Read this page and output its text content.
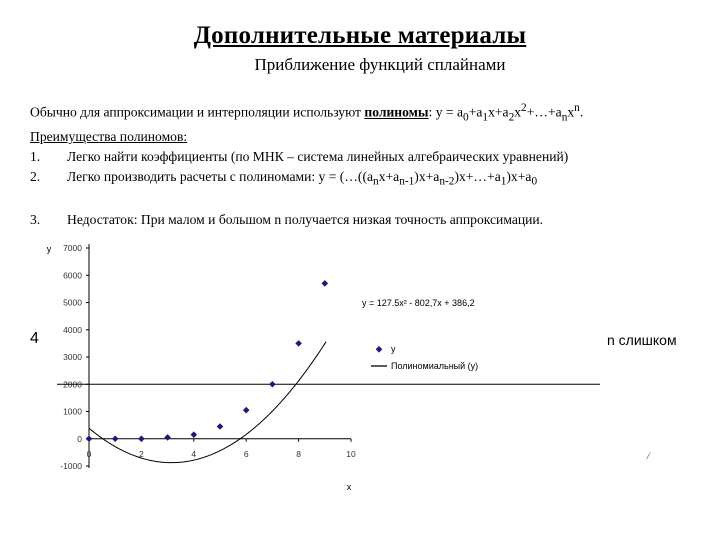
Дополнительные материалы
Приближение функций сплайнами
Обычно для аппроксимации и интерполяции используют полиномы: $y = a_0+a_1x+a_2x^2+\dots+a_nx^n$.
Преимущества полиномов:
1. Легко найти коэффициенты (по МНК – система линейных алгебраических уравнений)
2. Легко производить расчеты с полиномами: $y = (\dots((a_nx+a_{n-1})x+a_{n-2})x+\dots+a_1)x+a_0$
3. Недостаток: При малом и большом n получается низкая точность аппроксимации.
4	n слишком
⁄
-1000
0
1000
2000
3000
4000
5000
6000
7000
0	2	4	6	8	10
y
x
y = 127.5x² - 802,7x + 386,2
y
Полиномиальный (y)
